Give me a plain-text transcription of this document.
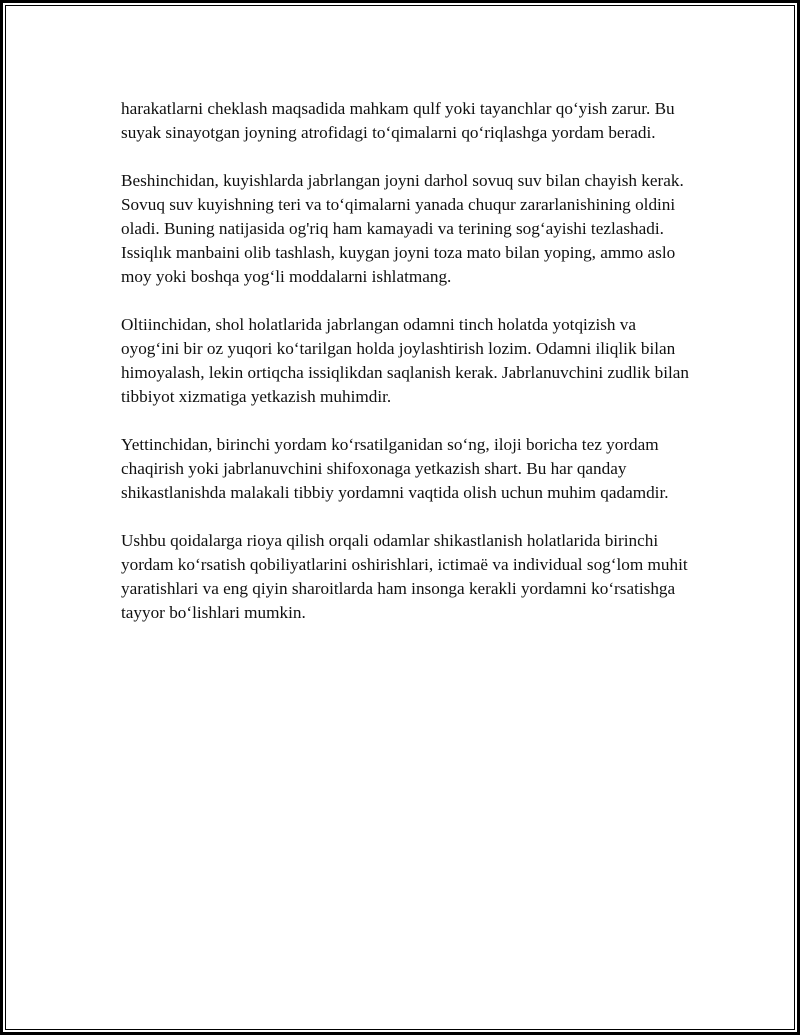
harakatlarni cheklash maqsadida mahkam qulf yoki tayanchlar qo‘yish zarur. Bu suyak sinayotgan joyning atrofidagi to‘qimalarni qo‘riqlashga yordam beradi.

Beshinchidan, kuyishlarda jabrlangan joyni darhol sovuq suv bilan chayish kerak. Sovuq suv kuyishning teri va to‘qimalarni yanada chuqur zararlanishining oldini oladi. Buning natijasida og'riq ham kamayadi va terining sog‘ayishi tezlashadi. Issiqlık manbaini olib tashlash, kuygan joyni toza mato bilan yoping, ammo aslo moy yoki boshqa yog‘li moddalarni ishlatmang.

Oltiinchidan, shol holatlarida jabrlangan odamni tinch holatda yotqizish va oyog‘ini bir oz yuqori ko‘tarilgan holda joylashtirish lozim. Odamni iliqlik bilan himoyalash, lekin ortiqcha issiqlikdan saqlanish kerak. Jabrlanuvchini zudlik bilan tibbiyot xizmatiga yetkazish muhimdir.

Yettinchidan, birinchi yordam ko‘rsatilganidan so‘ng, iloji boricha tez yordam chaqirish yoki jabrlanuvchini shifoxonaga yetkazish shart. Bu har qanday shikastlanishda malakali tibbiy yordamni vaqtida olish uchun muhim qadamdir.

Ushbu qoidalarga rioya qilish orqali odamlar shikastlanish holatlarida birinchi yordam ko‘rsatish qobiliyatlarini oshirishlari, ictimaë va individual sog‘lom muhit yaratishlari va eng qiyin sharoitlarda ham insonga kerakli yordamni ko‘rsatishga tayyor bo‘lishlari mumkin.
